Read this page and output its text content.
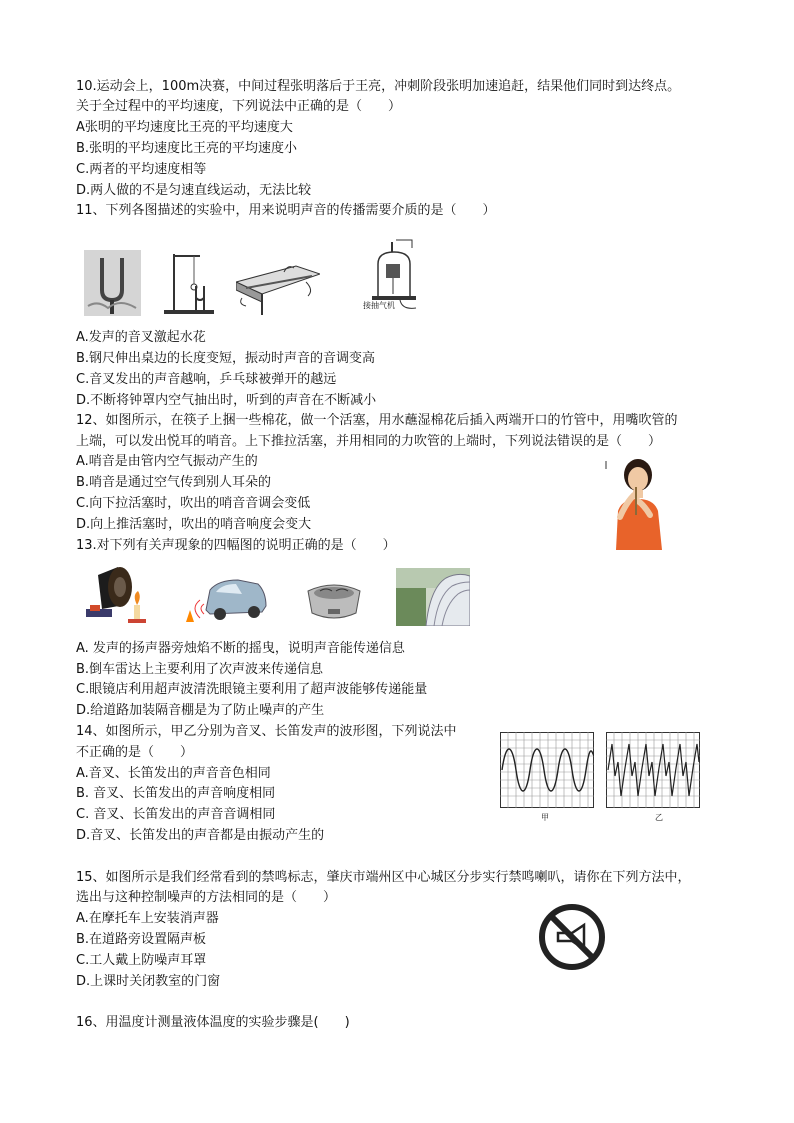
10.运动会上，100m决赛，中间过程张明落后于王亮，冲刺阶段张明加速追赶，结果他们同时到达终点。
关于全过程中的平均速度，下列说法中正确的是（　　）
A张明的平均速度比王亮的平均速度大
B.张明的平均速度比王亮的平均速度小
C.两者的平均速度相等
D.两人做的不是匀速直线运动，无法比较
11、下列各图描述的实验中，用来说明声音的传播需要介质的是（　　）
接抽气机
A.发声的音叉激起水花
B.钢尺伸出桌边的长度变短，振动时声音的音调变高
C.音叉发出的声音越响，乒乓球被弹开的越远
D.不断将钟罩内空气抽出时，听到的声音在不断减小
12、如图所示，在筷子上捆一些棉花，做一个活塞，用水蘸湿棉花后插入两端开口的竹管中，用嘴吹管的
上端，可以发出悦耳的哨音。上下推拉活塞，并用相同的力吹管的上端时，下列说法错误的是（　　）
A.哨音是由管内空气振动产生的
B.哨音是通过空气传到别人耳朵的
C.向下拉活塞时，吹出的哨音音调会变低
D.向上推活塞时，吹出的哨音响度会变大
13.对下列有关声现象的四幅图的说明正确的是（　　）
A. 发声的扬声器旁烛焰不断的摇曳，说明声音能传递信息
B.倒车雷达上主要利用了次声波来传递信息
C.眼镜店利用超声波清洗眼镜主要利用了超声波能够传递能量
D.给道路加装隔音棚是为了防止噪声的产生
14、如图所示，甲乙分别为音叉、长笛发声的波形图，下列说法中
不正确的是（　　）
A.音叉、长笛发出的声音音色相同
B. 音叉、长笛发出的声音响度相同
C. 音叉、长笛发出的声音音调相同
D.音叉、长笛发出的声音都是由振动产生的
甲	乙
15、如图所示是我们经常看到的禁鸣标志，肇庆市端州区中心城区分步实行禁鸣喇叭，请你在下列方法中，
选出与这种控制噪声的方法相同的是（　　）
A.在摩托车上安装消声器
B.在道路旁设置隔声板
C.工人戴上防噪声耳罩
D.上课时关闭教室的门窗
16、用温度计测量液体温度的实验步骤是(　　)
